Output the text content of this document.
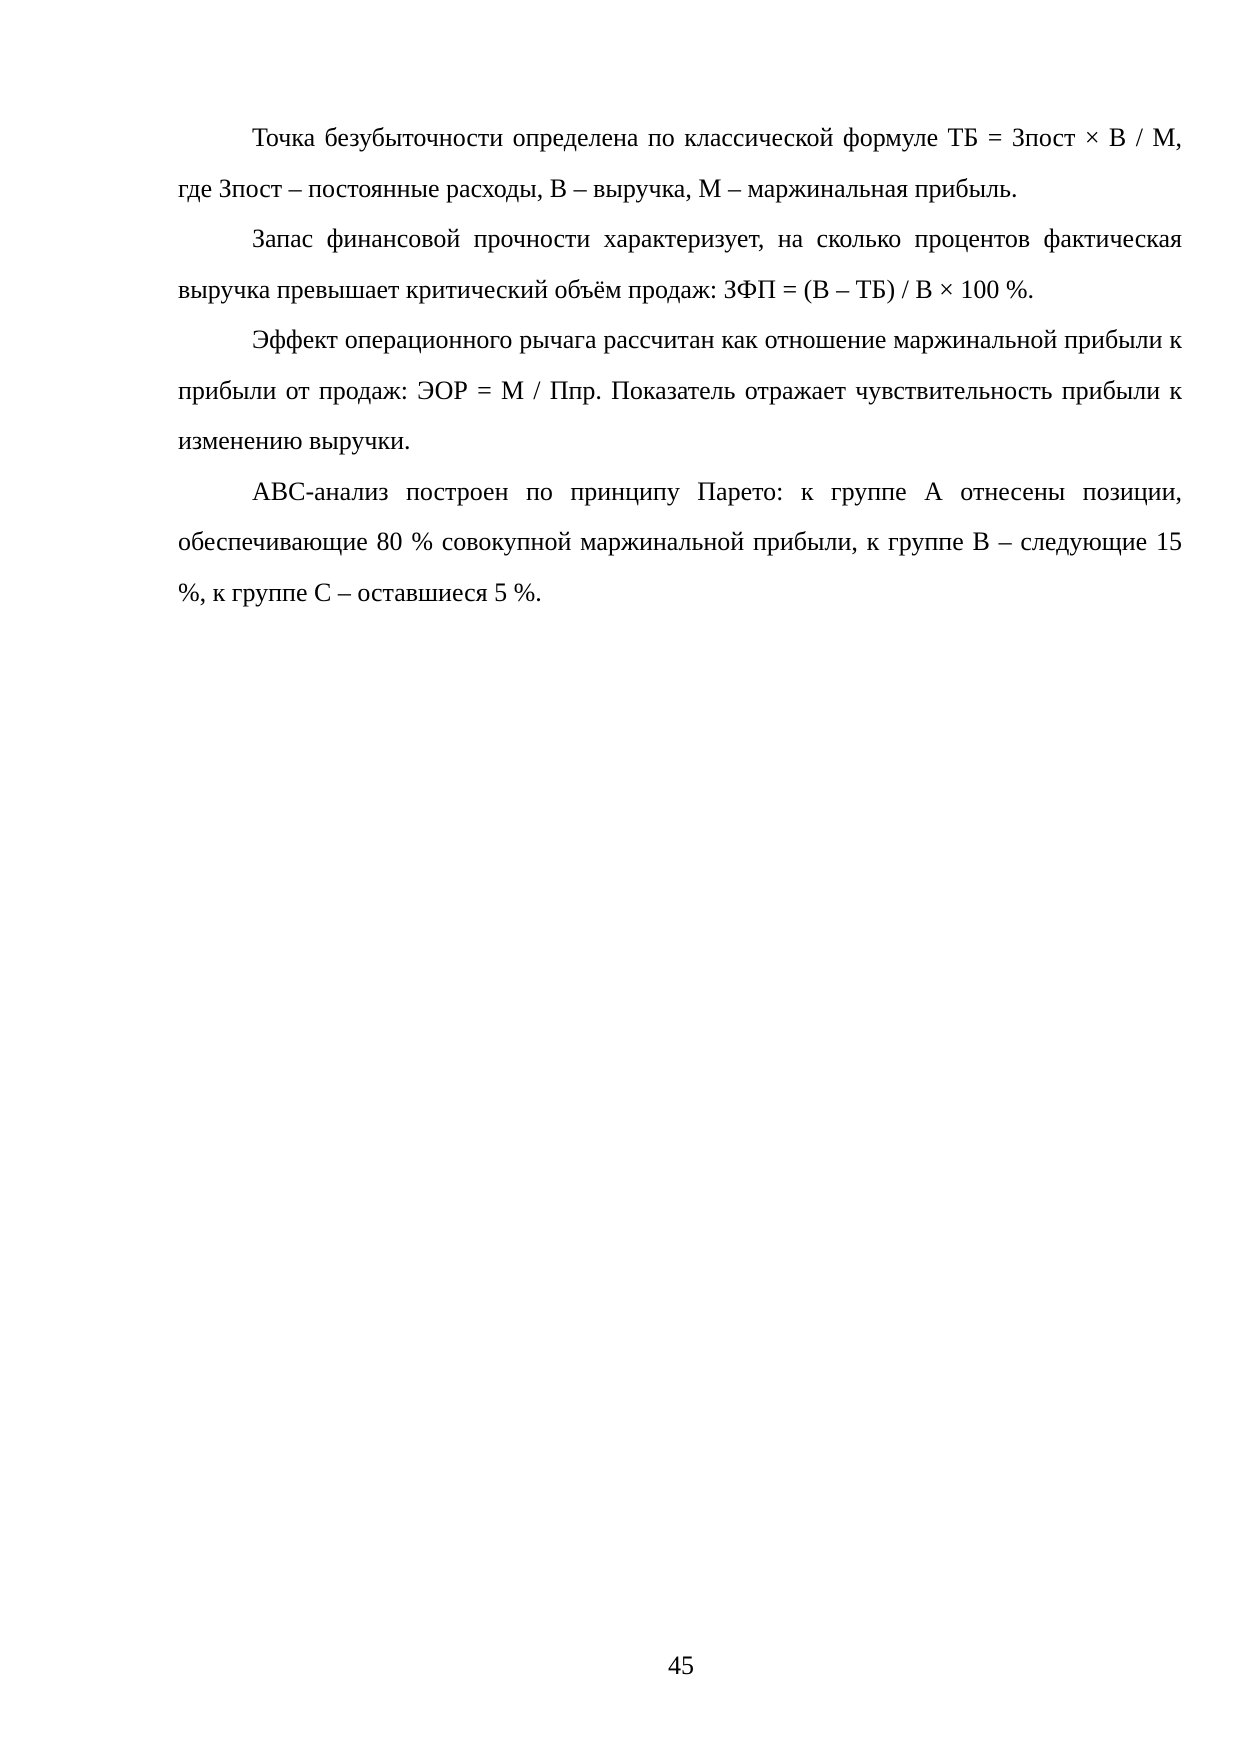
Точка безубыточности определена по классической формуле ТБ = Зпост × В / М, где Зпост – постоянные расходы, В – выручка, М – маржинальная прибыль.

Запас финансовой прочности характеризует, на сколько процентов фактическая выручка превышает критический объём продаж: ЗФП = (В – ТБ) / В × 100 %.

Эффект операционного рычага рассчитан как отношение маржинальной прибыли к прибыли от продаж: ЭОР = М / Ппр. Показатель отражает чувствительность прибыли к изменению выручки.

АВС-анализ построен по принципу Парето: к группе А отнесены позиции, обеспечивающие 80 % совокупной маржинальной прибыли, к группе В – следующие 15 %, к группе С – оставшиеся 5 %.

45
